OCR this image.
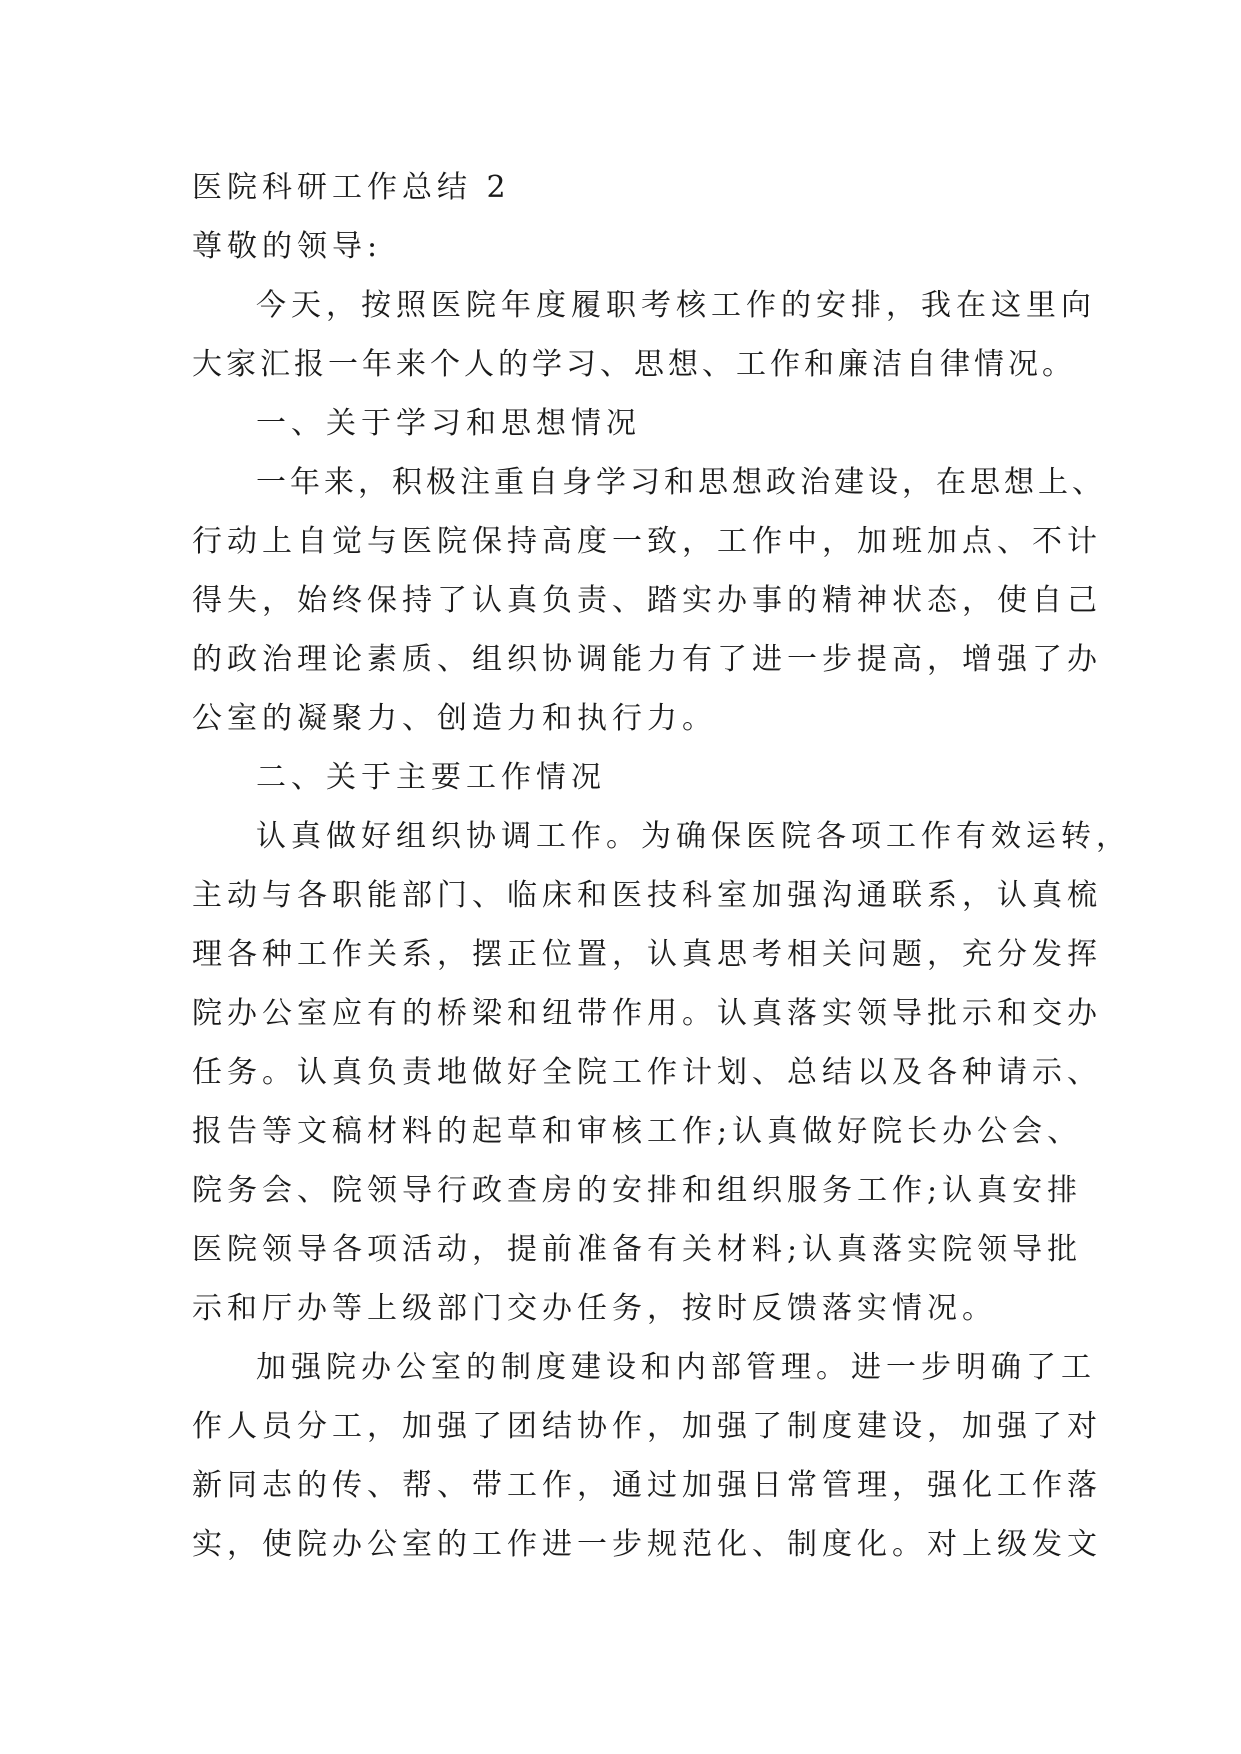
医院科研工作总结 2
尊敬的领导:
今天，按照医院年度履职考核工作的安排，我在这里向
大家汇报一年来个人的学习、思想、工作和廉洁自律情况。
一、关于学习和思想情况
一年来，积极注重自身学习和思想政治建设，在思想上、
行动上自觉与医院保持高度一致，工作中，加班加点、不计
得失，始终保持了认真负责、踏实办事的精神状态，使自己
的政治理论素质、组织协调能力有了进一步提高，增强了办
公室的凝聚力、创造力和执行力。
二、关于主要工作情况
认真做好组织协调工作。为确保医院各项工作有效运转，
主动与各职能部门、临床和医技科室加强沟通联系，认真梳
理各种工作关系，摆正位置，认真思考相关问题，充分发挥
院办公室应有的桥梁和纽带作用。认真落实领导批示和交办
任务。认真负责地做好全院工作计划、总结以及各种请示、
报告等文稿材料的起草和审核工作;认真做好院长办公会、
院务会、院领导行政查房的安排和组织服务工作;认真安排
医院领导各项活动，提前准备有关材料;认真落实院领导批
示和厅办等上级部门交办任务，按时反馈落实情况。
加强院办公室的制度建设和内部管理。进一步明确了工
作人员分工，加强了团结协作，加强了制度建设，加强了对
新同志的传、帮、带工作，通过加强日常管理，强化工作落
实，使院办公室的工作进一步规范化、制度化。对上级发文
